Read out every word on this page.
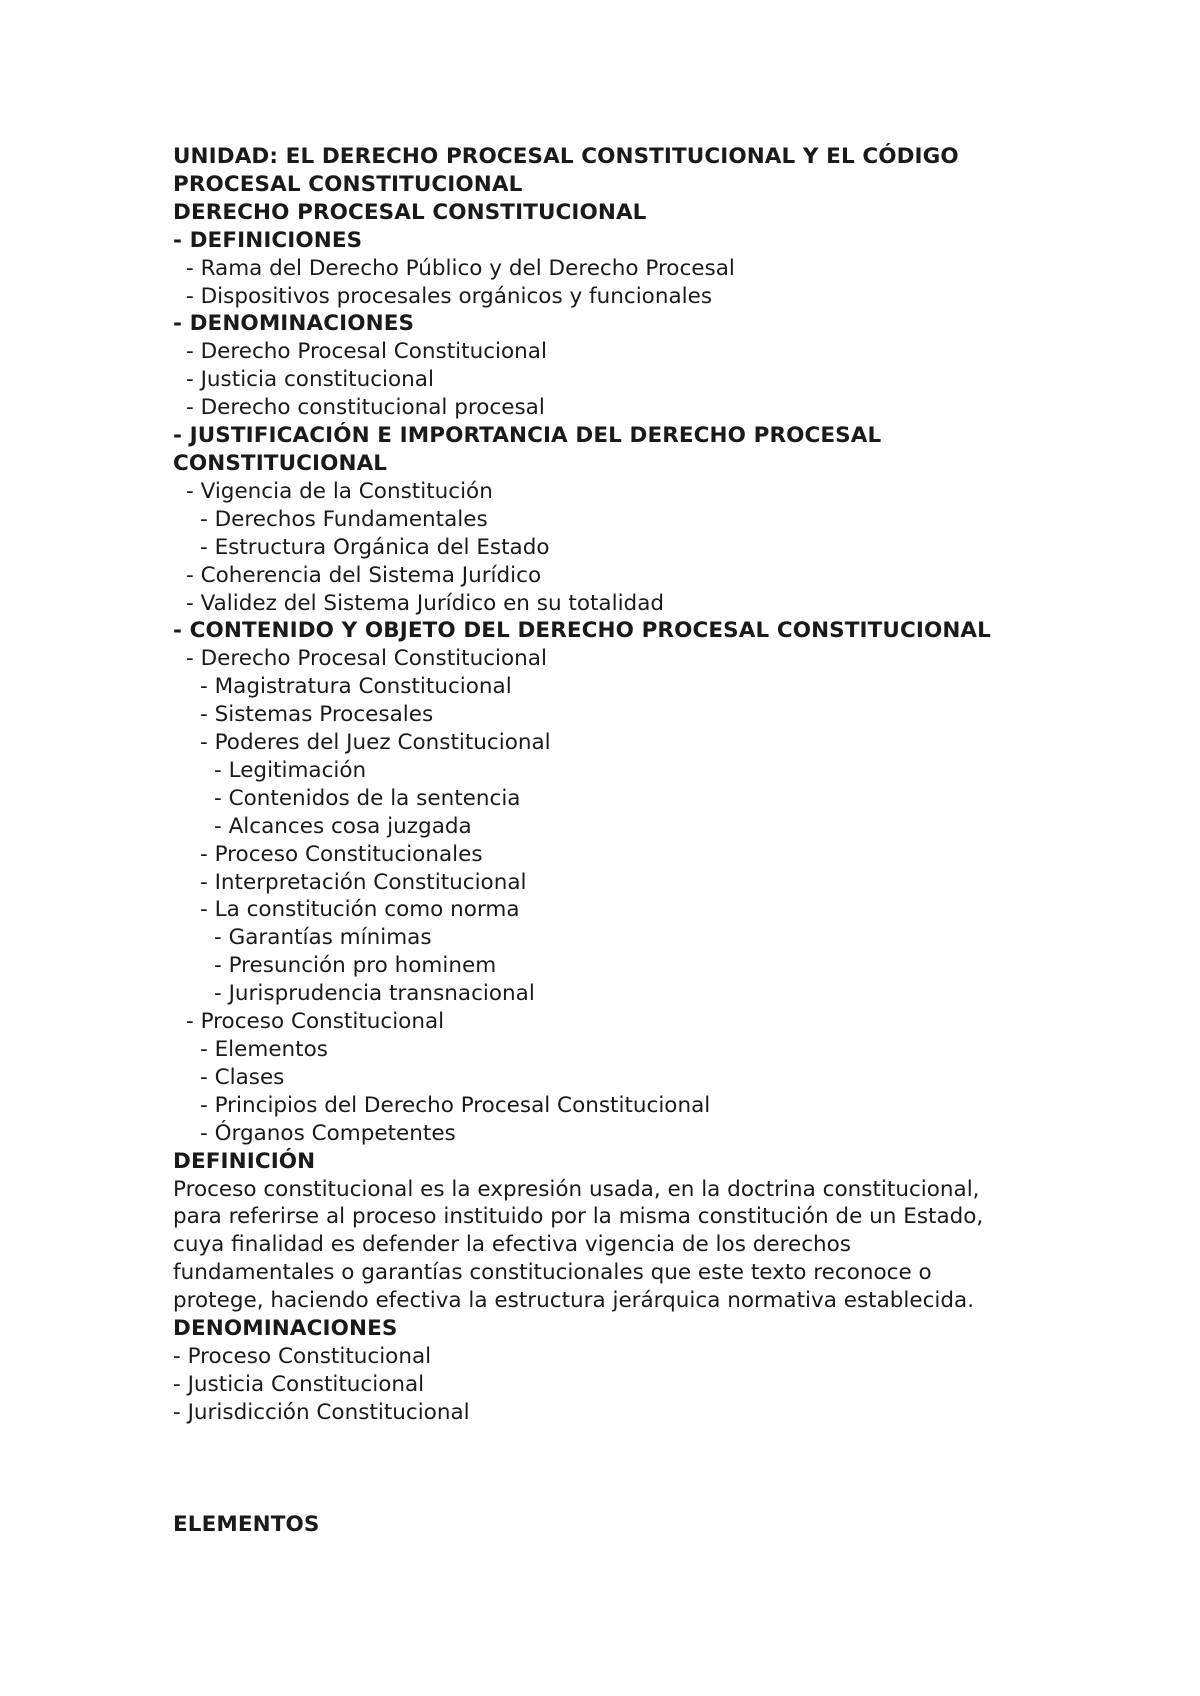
UNIDAD: EL DERECHO PROCESAL CONSTITUCIONAL Y EL CÓDIGO

PROCESAL CONSTITUCIONAL

DERECHO PROCESAL CONSTITUCIONAL

- DEFINICIONES

- Rama del Derecho Público y del Derecho Procesal

- Dispositivos procesales orgánicos y funcionales

- DENOMINACIONES

- Derecho Procesal Constitucional

- Justicia constitucional

- Derecho constitucional procesal

- JUSTIFICACIÓN E IMPORTANCIA DEL DERECHO PROCESAL

CONSTITUCIONAL

- Vigencia de la Constitución

- Derechos Fundamentales

- Estructura Orgánica del Estado

- Coherencia del Sistema Jurídico

- Validez del Sistema Jurídico en su totalidad

- CONTENIDO Y OBJETO DEL DERECHO PROCESAL CONSTITUCIONAL

- Derecho Procesal Constitucional

- Magistratura Constitucional

- Sistemas Procesales

- Poderes del Juez Constitucional

- Legitimación

- Contenidos de la sentencia

- Alcances cosa juzgada

- Proceso Constitucionales

- Interpretación Constitucional

- La constitución como norma

- Garantías mínimas

- Presunción pro hominem

- Jurisprudencia transnacional

- Proceso Constitucional

- Elementos

- Clases

- Principios del Derecho Procesal Constitucional

- Órganos Competentes

DEFINICIÓN

Proceso constitucional es la expresión usada, en la doctrina constitucional,

para referirse al proceso instituido por la misma constitución de un Estado,

cuya finalidad es defender la efectiva vigencia de los derechos

fundamentales o garantías constitucionales que este texto reconoce o

protege, haciendo efectiva la estructura jerárquica normativa establecida.

DENOMINACIONES

- Proceso Constitucional

- Justicia Constitucional

- Jurisdicción Constitucional

ELEMENTOS
